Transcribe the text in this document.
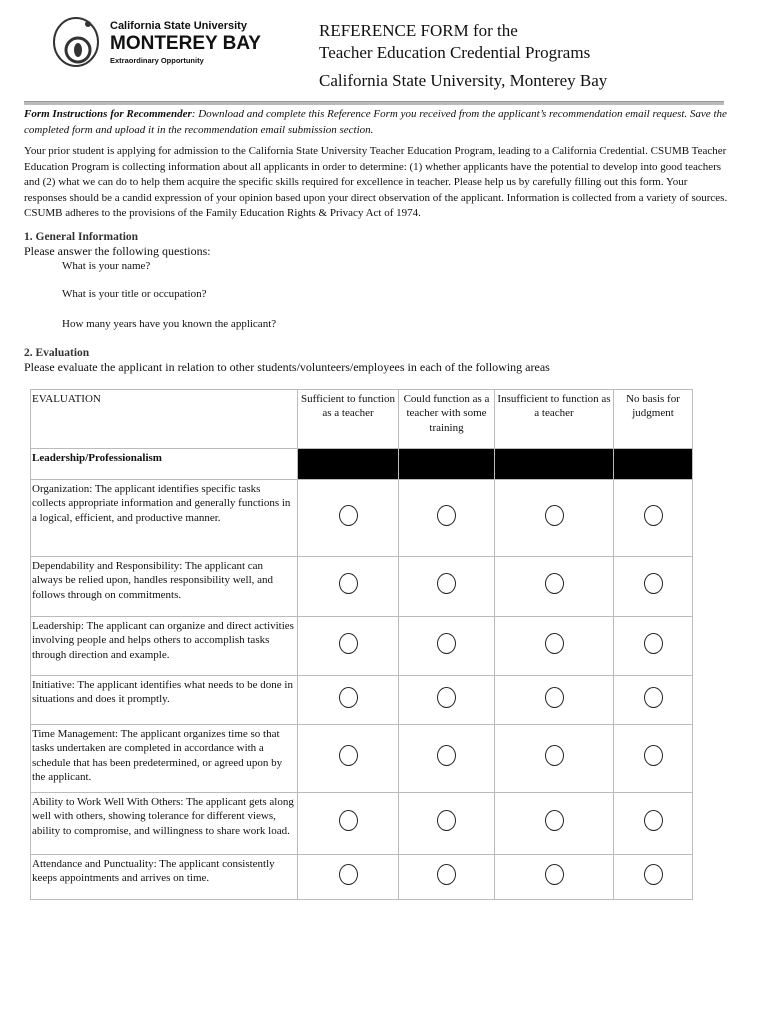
California State University
MONTEREY BAY
Extraordinary Opportunity
REFERENCE FORM for the
Teacher Education Credential Programs
California State University, Monterey Bay

Form Instructions for Recommender: Download and complete this Reference Form you received from the applicant’s recommendation email request. Save the completed form and upload it in the recommendation email submission section.

Your prior student is applying for admission to the California State University Teacher Education Program, leading to a California Credential. CSUMB Teacher Education Program is collecting information about all applicants in order to determine: (1) whether applicants have the potential to develop into good teachers and (2) what we can do to help them acquire the specific skills required for excellence in teacher. Please help us by carefully filling out this form. Your responses should be a candid expression of your opinion based upon your direct observation of the applicant. Information is collected from a variety of sources. CSUMB adheres to the provisions of the Family Education Rights & Privacy Act of 1974.

1. General Information
Please answer the following questions:
What is your name?
What is your title or occupation?
How many years have you known the applicant?
2. Evaluation
Please evaluate the applicant in relation to other students/volunteers/employees in each of the following areas
EVALUATION	Sufficient to function as a teacher	Could function as a teacher with some training	Insufficient to function as a teacher	No basis for judgment
Leadership/Professionalism				
Organization: The applicant identifies specific tasks collects appropriate information and generally functions in a logical, efficient, and productive manner.				
Dependability and Responsibility: The applicant can always be relied upon, handles responsibility well, and follows through on commitments.				
Leadership: The applicant can organize and direct activities involving people and helps others to accomplish tasks through direction and example.				
Initiative: The applicant identifies what needs to be done in situations and does it promptly.				
Time Management: The applicant organizes time so that tasks undertaken are completed in accordance with a schedule that has been predetermined, or agreed upon by the applicant.				
Ability to Work Well With Others: The applicant gets along well with others, showing tolerance for different views, ability to compromise, and willingness to share work load.				
Attendance and Punctuality: The applicant consistently keeps appointments and arrives on time.				
